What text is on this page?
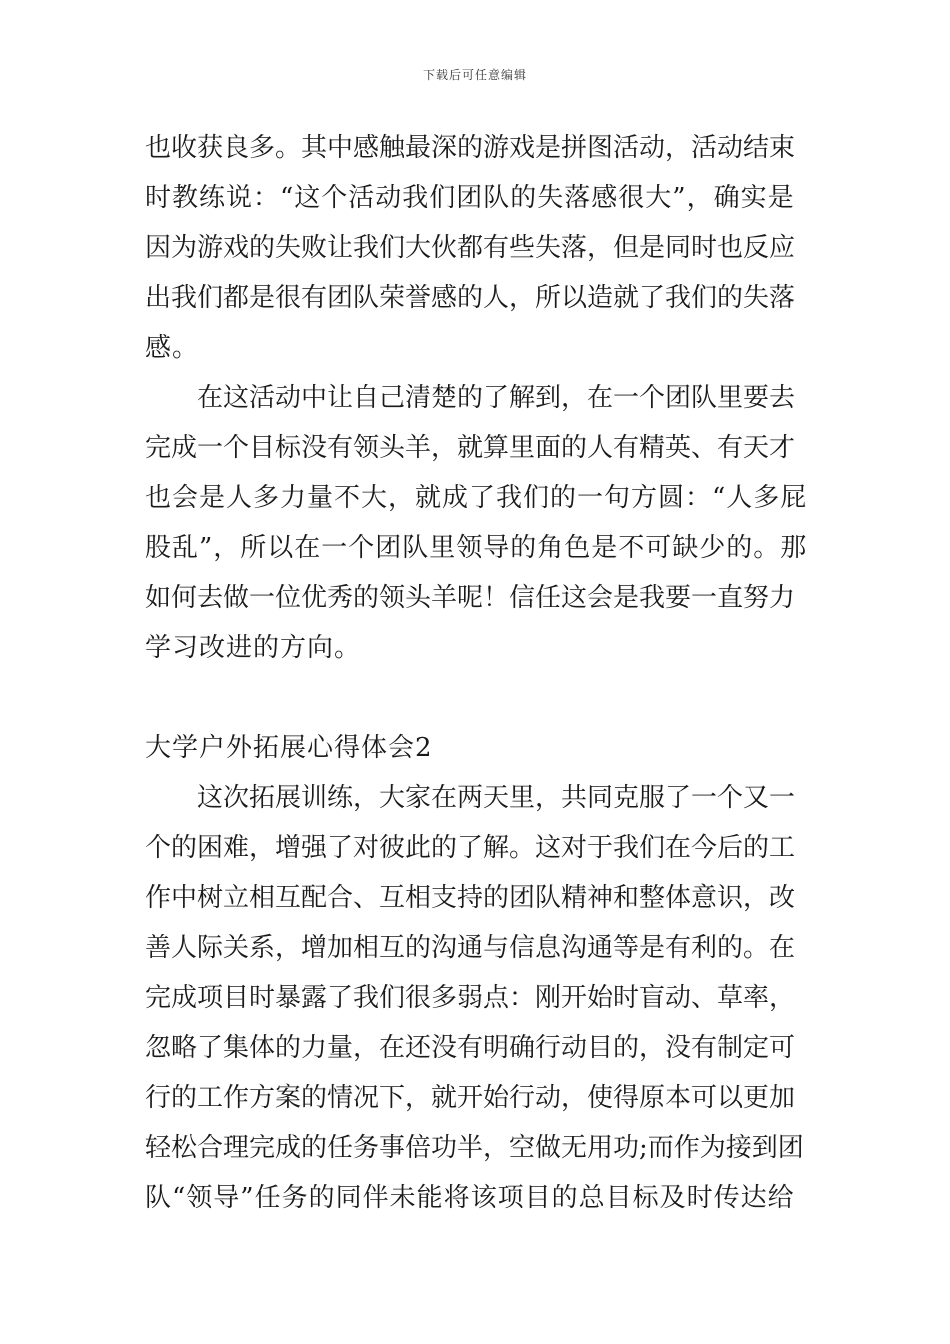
下载后可任意编辑
也收获良多。其中感触最深的游戏是拼图活动，活动结束
时教练说：“这个活动我们团队的失落感很大”，确实是
因为游戏的失败让我们大伙都有些失落，但是同时也反应
出我们都是很有团队荣誉感的人，所以造就了我们的失落
感。
　　在这活动中让自己清楚的了解到，在一个团队里要去
完成一个目标没有领头羊，就算里面的人有精英、有天才
也会是人多力量不大，就成了我们的一句方圆：“人多屁
股乱”，所以在一个团队里领导的角色是不可缺少的。那
如何去做一位优秀的领头羊呢！信任这会是我要一直努力
学习改进的方向。
大学户外拓展心得体会2
　　这次拓展训练，大家在两天里，共同克服了一个又一
个的困难，增强了对彼此的了解。这对于我们在今后的工
作中树立相互配合、互相支持的团队精神和整体意识，改
善人际关系，增加相互的沟通与信息沟通等是有利的。在
完成项目时暴露了我们很多弱点：刚开始时盲动、草率，
忽略了集体的力量，在还没有明确行动目的，没有制定可
行的工作方案的情况下，就开始行动，使得原本可以更加
轻松合理完成的任务事倍功半，空做无用功;而作为接到团
队“领导”任务的同伴未能将该项目的总目标及时传达给
